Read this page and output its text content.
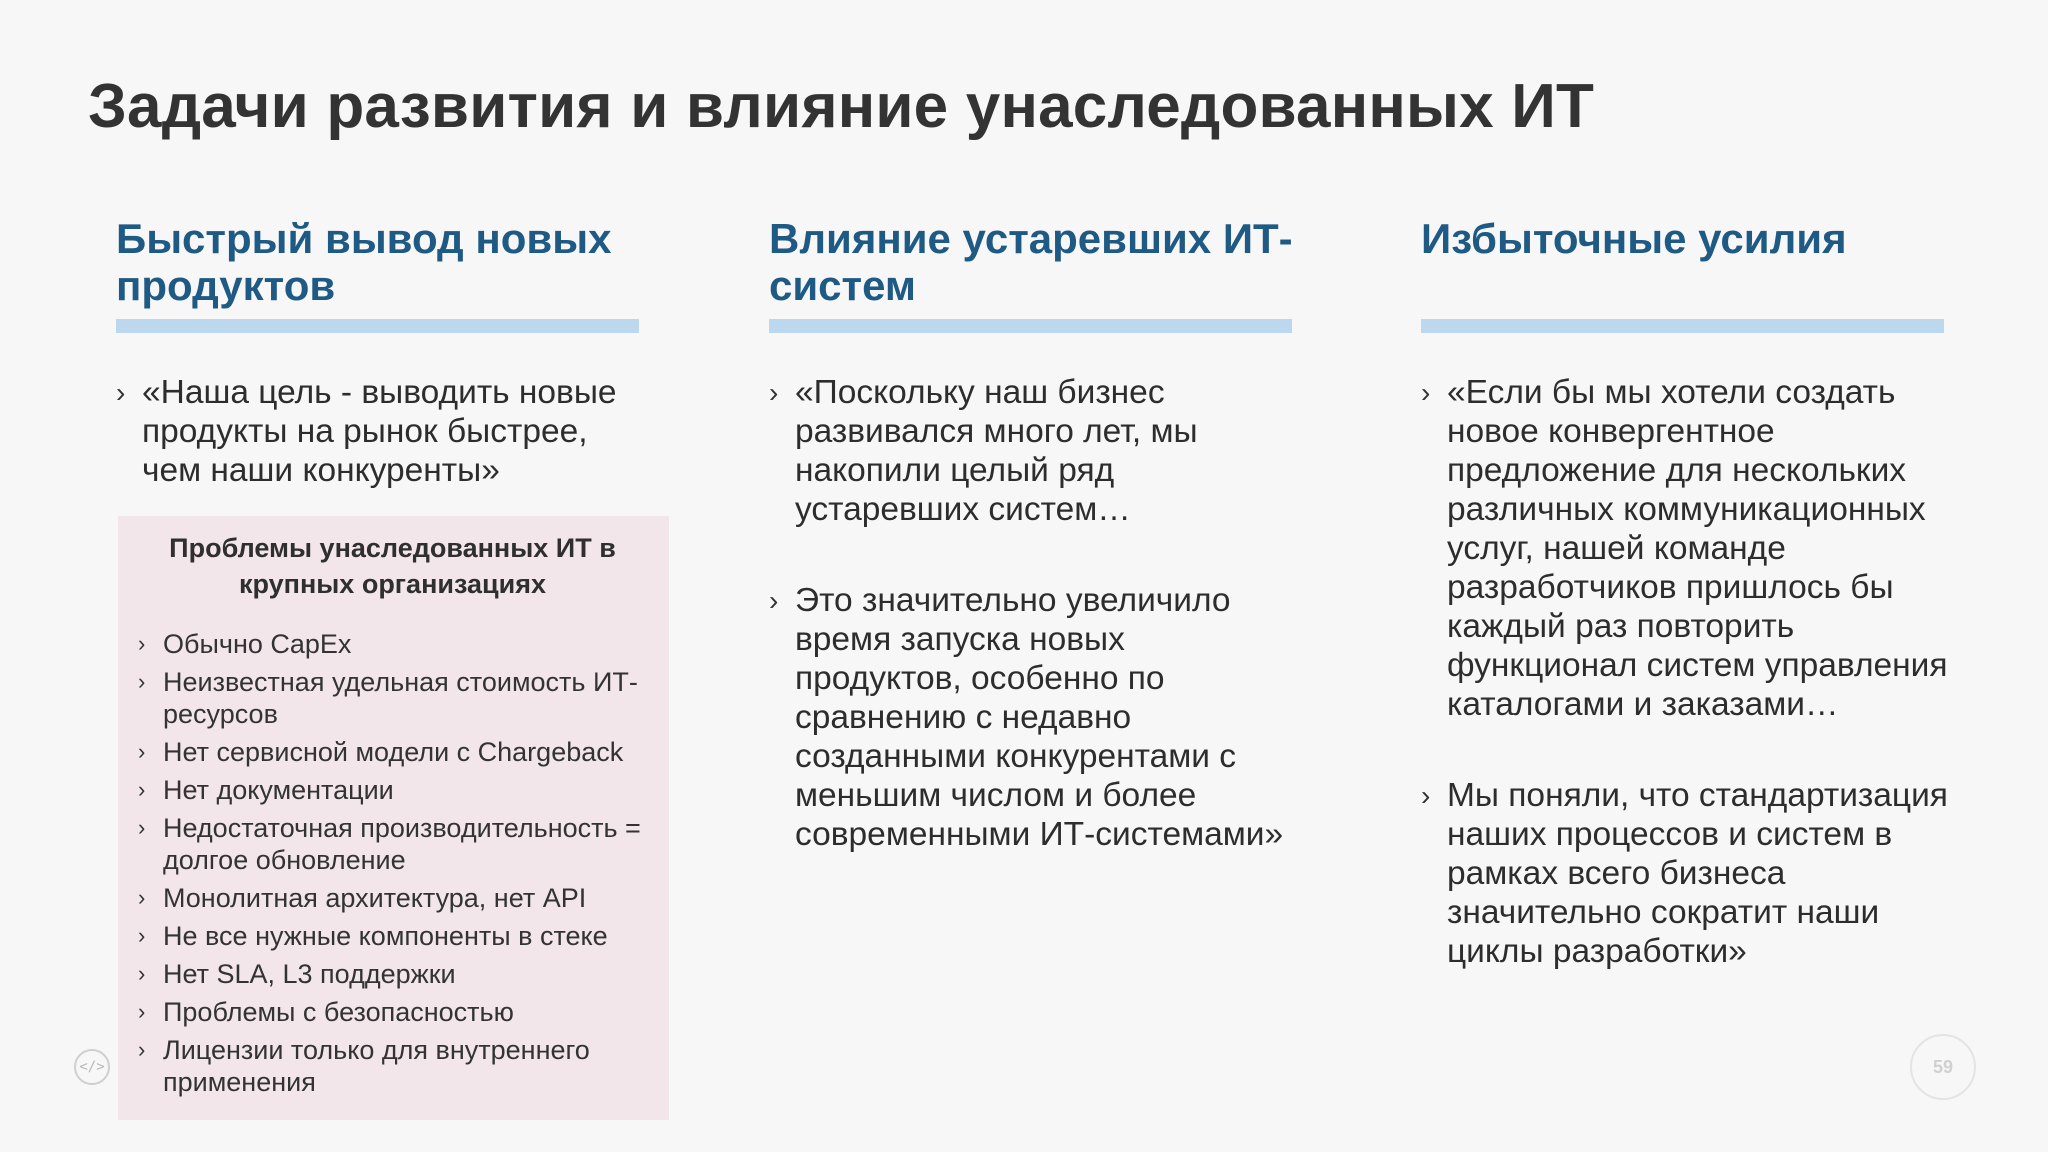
Задачи развития и влияние унаследованных ИТ
Быстрый вывод новых продуктов
› «Наша цель - выводить новые продукты на рынок быстрее, чем наши конкуренты»
Влияние устаревших ИТ-систем
› «Поскольку наш бизнес развивался много лет, мы накопили целый ряд устаревших систем…
› Это значительно увеличило время запуска новых продуктов, особенно по сравнению с недавно созданными конкурентами с меньшим числом и более современными ИТ-системами»
Избыточные усилия
› «Если бы мы хотели создать новое конвергентное предложение для нескольких различных коммуникационных услуг, нашей команде разработчиков пришлось бы каждый раз повторить функционал систем управления каталогами и заказами…
› Мы поняли, что стандартизация наших процессов и систем в рамках всего бизнеса значительно сократит наши циклы разработки»
Проблемы унаследованных ИТ в крупных организациях
› Обычно CapEx
› Неизвестная удельная стоимость ИТ-ресурсов
› Нет сервисной модели с Chargeback
› Нет документации
› Недостаточная производительность = долгое обновление
› Монолитная архитектура, нет API
› Не все нужные компоненты в стеке
› Нет SLA, L3 поддержки
› Проблемы с безопасностью
› Лицензии только для внутреннего применения
</>	59
